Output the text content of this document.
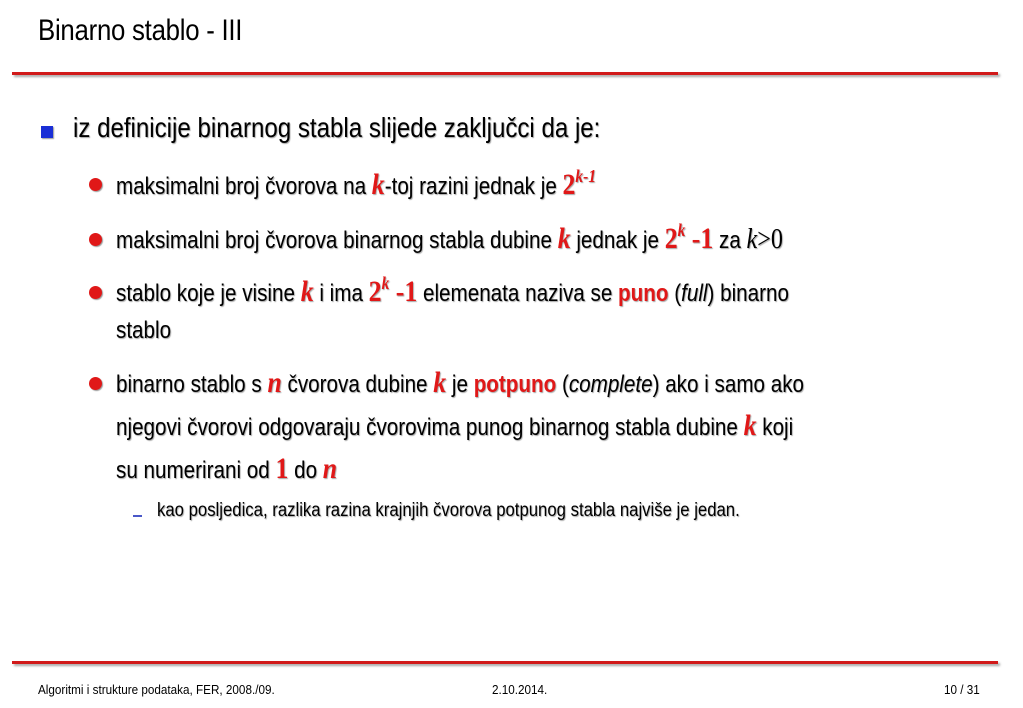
Binarno stablo - III
iz definicije binarnog stabla slijede zaključci da je:
maksimalni broj čvorova na k-toj razini jednak je 2$^{k-1}$
maksimalni broj čvorova binarnog stabla dubine k jednak je 2$^k$ -1 za k>0
stablo koje je visine k i ima 2$^k$ -1 elemenata naziva se puno (full) binarno
stablo
binarno stablo s n čvorova dubine k je potpuno (complete) ako i samo ako
njegovi čvorovi odgovaraju čvorovima punog binarnog stabla dubine k koji
su numerirani od 1 do n
kao posljedica, razlika razina krajnjih čvorova potpunog stabla najviše je jedan.
Algoritmi i strukture podataka, FER, 2008./09.	2.10.2014.	10 / 31
